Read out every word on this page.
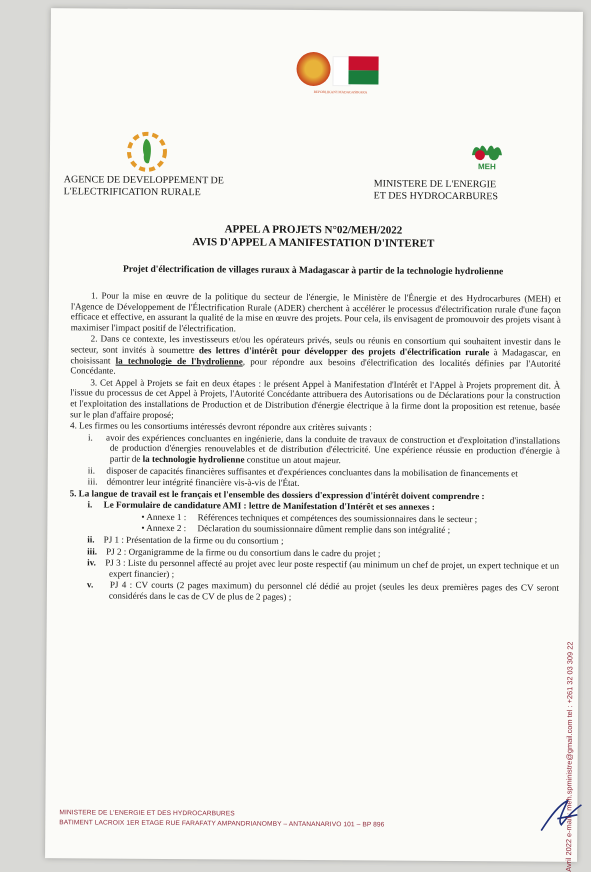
REPOBLIKAN'I MADAGASIKARA
AGENCE DE DEVELOPPEMENT DE
L'ELECTRIFICATION RURALE
MEH
MINISTERE DE L'ENERGIE
ET DES HYDROCARBURES
APPEL A PROJETS N°02/MEH/2022
AVIS D'APPEL A MANIFESTATION D'INTERET
Projet d'électrification de villages ruraux à Madagascar à partir de la technologie hydrolienne

1. Pour la mise en œuvre de la politique du secteur de l'énergie, le Ministère de l'Énergie et des Hydrocarbures (MEH) et l'Agence de Développement de l'Électrification Rurale (ADER) cherchent à accélérer le processus d'électrification rurale d'une façon efficace et effective, en assurant la qualité de la mise en œuvre des projets. Pour cela, ils envisagent de promouvoir des projets visant à maximiser l'impact positif de l'électrification.

2. Dans ce contexte, les investisseurs et/ou les opérateurs privés, seuls ou réunis en consortium qui souhaitent investir dans le secteur, sont invités à soumettre des lettres d'intérêt pour développer des projets d'électrification rurale à Madagascar, en choisissant la technologie de l'hydrolienne, pour répondre aux besoins d'électrification des localités définies par l'Autorité Concédante.

3. Cet Appel à Projets se fait en deux étapes : le présent Appel à Manifestation d'Intérêt et l'Appel à Projets proprement dit. À l'issue du processus de cet Appel à Projets, l'Autorité Concédante attribuera des Autorisations ou de Déclarations pour la construction et l'exploitation des installations de Production et de Distribution d'énergie électrique à la firme dont la proposition est retenue, basée sur le plan d'affaire proposé;

4. Les firmes ou les consortiums intéressés devront répondre aux critères suivants :

i. avoir des expériences concluantes en ingénierie, dans la conduite de travaux de construction et d'exploitation d'installations de production d'énergies renouvelables et de distribution d'électricité. Une expérience réussie en production d'énergie à partir de la technologie hydrolienne constitue un atout majeur.

ii. disposer de capacités financières suffisantes et d'expériences concluantes dans la mobilisation de financements et

iii. démontrer leur intégrité financière vis-à-vis de l'État.

5. La langue de travail est le français et l'ensemble des dossiers d'expression d'intérêt doivent comprendre :

i. Le Formulaire de candidature AMI : lettre de Manifestation d'Intérêt et ses annexes :

• Annexe 1 : Références techniques et compétences des soumissionnaires dans le secteur ;

• Annexe 2 : Déclaration du soumissionnaire dûment remplie dans son intégralité ;

ii. PJ 1 : Présentation de la firme ou du consortium ;

iii. PJ 2 : Organigramme de la firme ou du consortium dans le cadre du projet ;

iv. PJ 3 : Liste du personnel affecté au projet avec leur poste respectif (au minimum un chef de projet, un expert technique et un expert financier) ;

v. PJ 4 : CV courts (2 pages maximum) du personnel clé dédié au projet (seules les deux premières pages des CV seront considérés dans le cas de CV de plus de 2 pages) ;

MINISTERE DE L'ENERGIE ET DES HYDROCARBURES
BATIMENT LACROIX 1ER ETAGE RUE FARAFATY AMPANDRIANOMBY – ANTANANARIVO 101 – BP 896	Avril 2022 e-mail : meh.spministre@gmail.com tel : +261 32 03 309 22
